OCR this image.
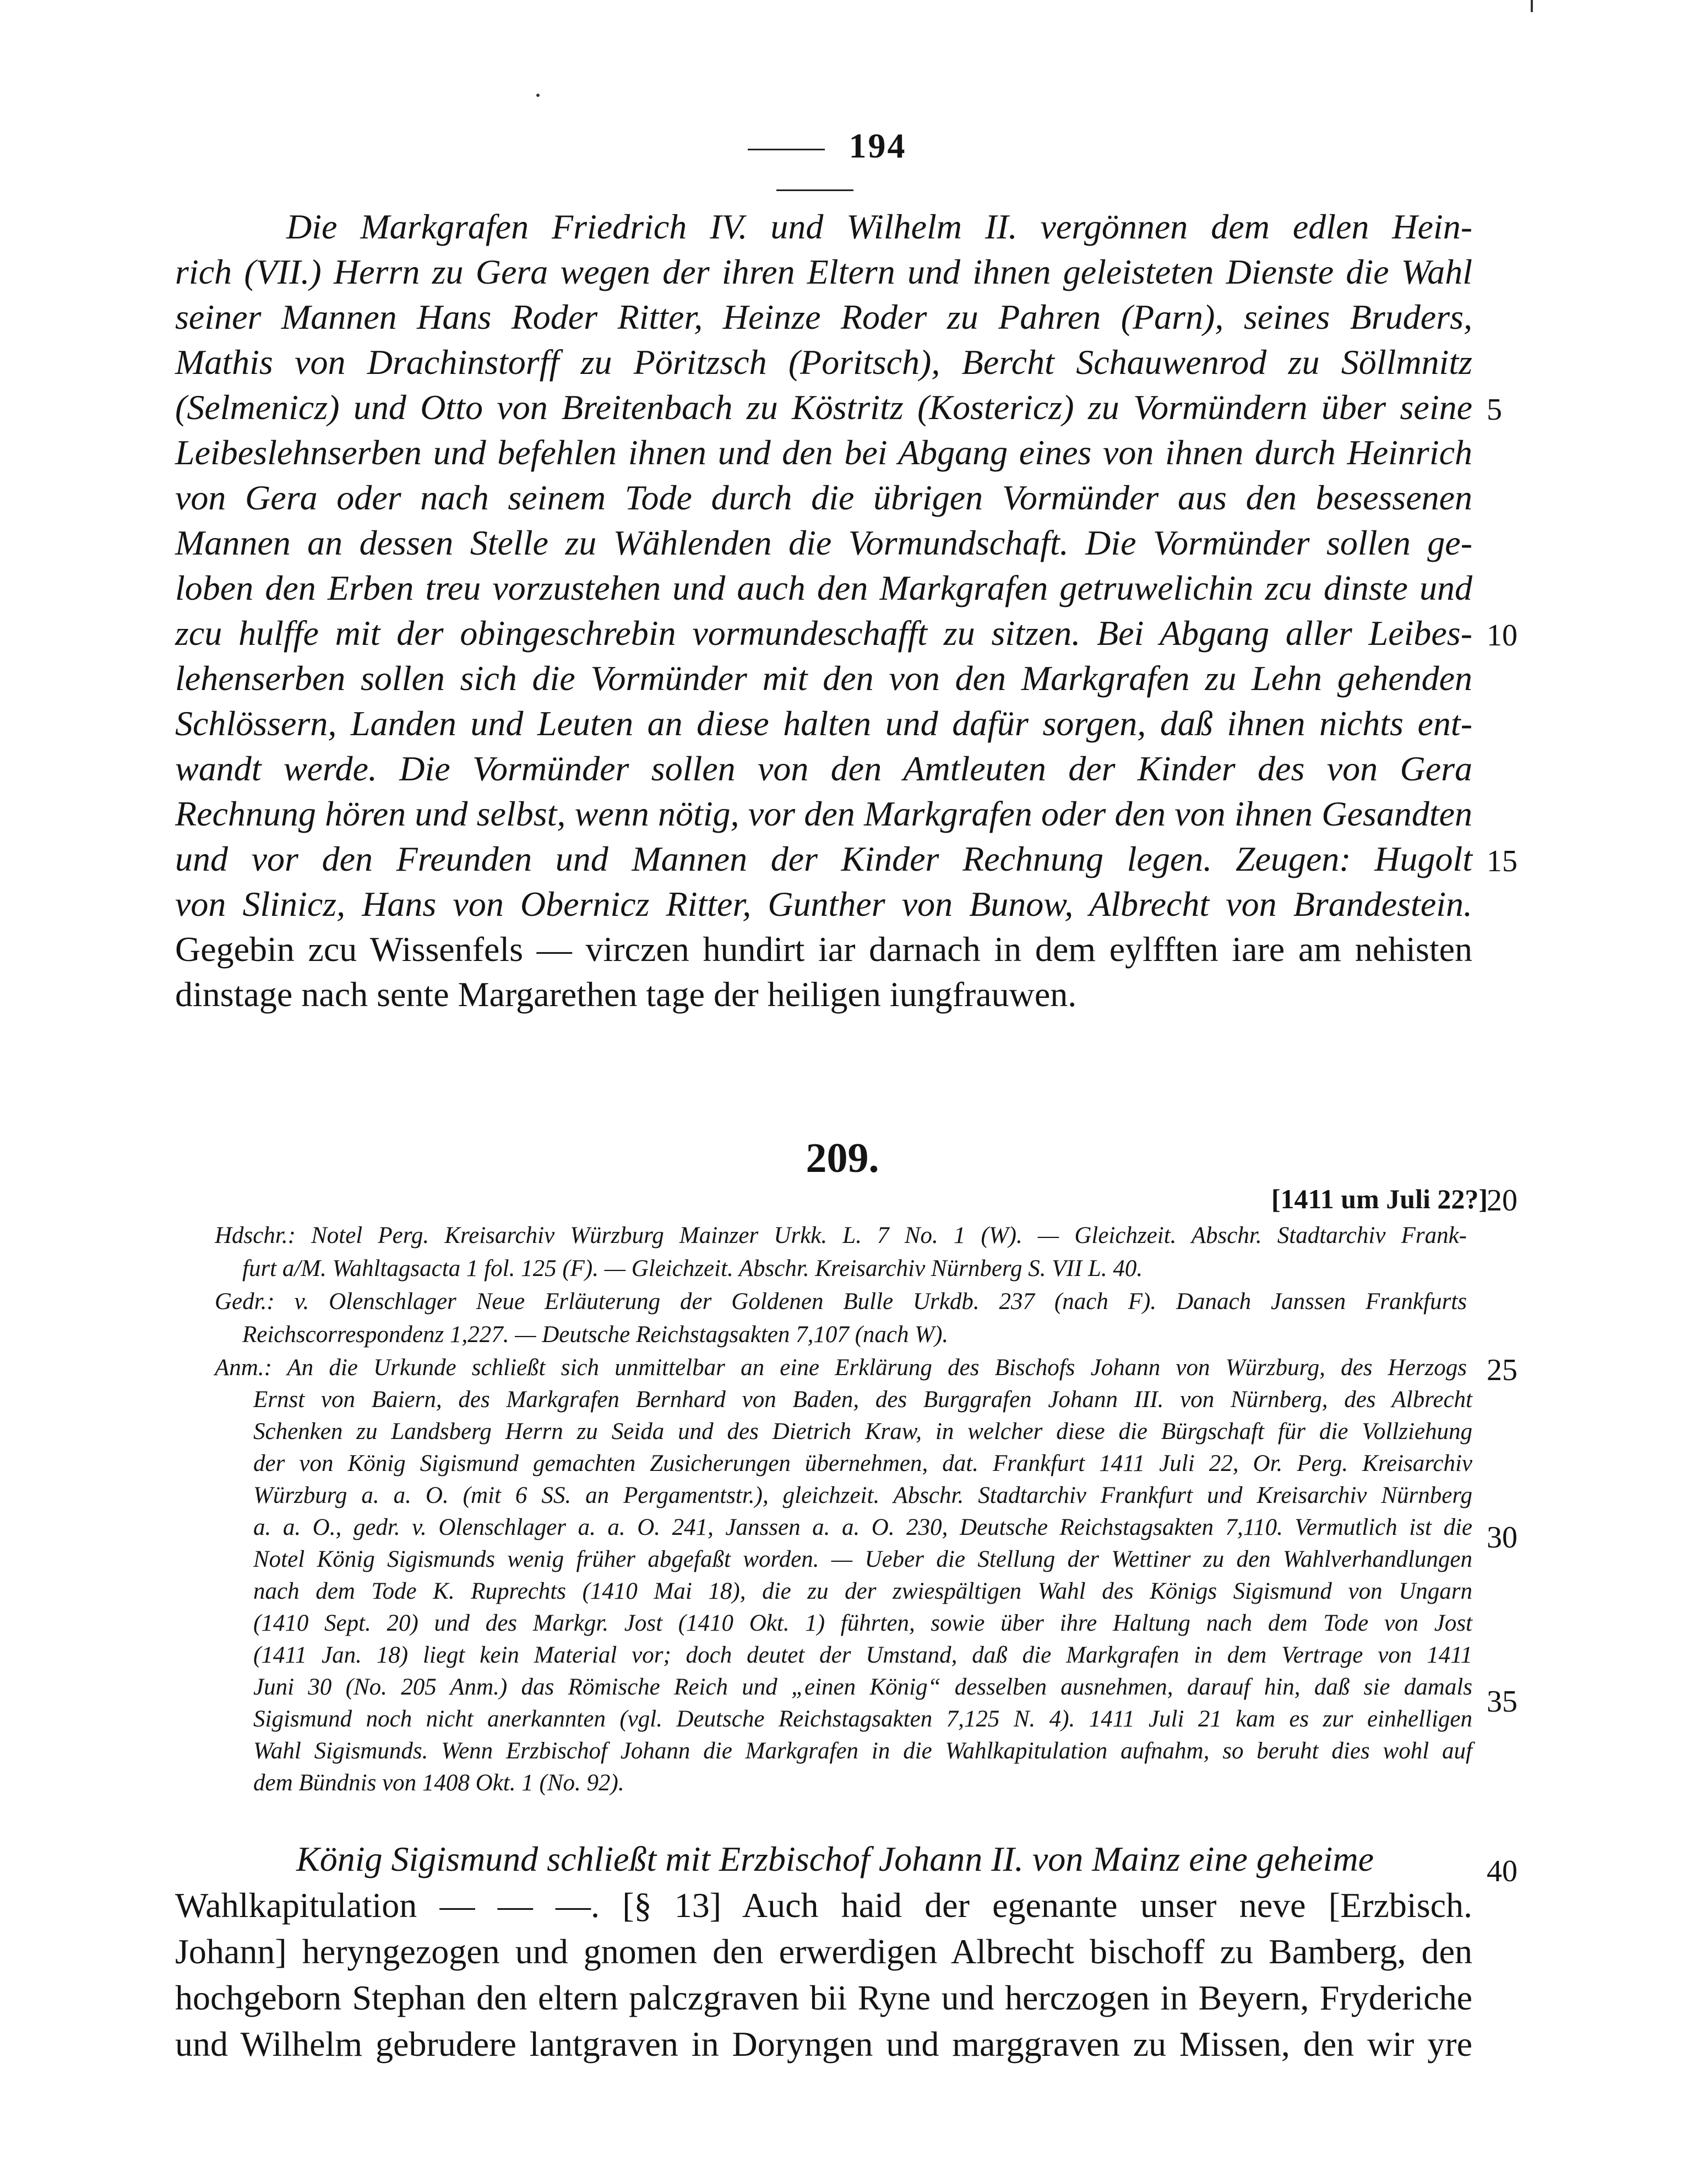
194
Die Markgrafen Friedrich IV. und Wilhelm II. vergönnen dem edlen Hein-
rich (VII.) Herrn zu Gera wegen der ihren Eltern und ihnen geleisteten Dienste die Wahl
seiner Mannen Hans Roder Ritter, Heinze Roder zu Pahren (Parn), seines Bruders,
Mathis von Drachinstorff zu Pöritzsch (Poritsch), Bercht Schauwenrod zu Söllmnitz
(Selmenicz) und Otto von Breitenbach zu Köstritz (Kostericz) zu Vormündern über seine
Leibeslehnserben und befehlen ihnen und den bei Abgang eines von ihnen durch Heinrich
von Gera oder nach seinem Tode durch die übrigen Vormünder aus den besessenen
Mannen an dessen Stelle zu Wählenden die Vormundschaft. Die Vormünder sollen ge-
loben den Erben treu vorzustehen und auch den Markgrafen getruwelichin zcu dinste und
zcu hulffe mit der obingeschrebin vormundeschafft zu sitzen. Bei Abgang aller Leibes-
lehenserben sollen sich die Vormünder mit den von den Markgrafen zu Lehn gehenden
Schlössern, Landen und Leuten an diese halten und dafür sorgen, daß ihnen nichts ent-
wandt werde. Die Vormünder sollen von den Amtleuten der Kinder des von Gera
Rechnung hören und selbst, wenn nötig, vor den Markgrafen oder den von ihnen Gesandten
und vor den Freunden und Mannen der Kinder Rechnung legen. Zeugen: Hugolt
von Slinicz, Hans von Obernicz Ritter, Gunther von Bunow, Albrecht von Brandestein.
Gegebin zcu Wissenfels — virczen hundirt iar darnach in dem eylfften iare am nehisten
dinstage nach sente Margarethen tage der heiligen iungfrauwen.
5
10
15
20
25
30
35
40
209.
[1411 um Juli 22?]
Hdschr.: Notel Perg. Kreisarchiv Würzburg Mainzer Urkk. L. 7 No. 1 (W). — Gleichzeit. Abschr. Stadtarchiv Frank-
furt a/M. Wahltagsacta 1 fol. 125 (F). — Gleichzeit. Abschr. Kreisarchiv Nürnberg S. VII L. 40.
Gedr.: v. Olenschlager Neue Erläuterung der Goldenen Bulle Urkdb. 237 (nach F). Danach Janssen Frankfurts
Reichscorrespondenz 1,227. — Deutsche Reichstagsakten 7,107 (nach W).
Anm.: An die Urkunde schließt sich unmittelbar an eine Erklärung des Bischofs Johann von Würzburg, des Herzogs
Ernst von Baiern, des Markgrafen Bernhard von Baden, des Burggrafen Johann III. von Nürnberg, des Albrecht
Schenken zu Landsberg Herrn zu Seida und des Dietrich Kraw, in welcher diese die Bürgschaft für die Vollziehung
der von König Sigismund gemachten Zusicherungen übernehmen, dat. Frankfurt 1411 Juli 22, Or. Perg. Kreisarchiv
Würzburg a. a. O. (mit 6 SS. an Pergamentstr.), gleichzeit. Abschr. Stadtarchiv Frankfurt und Kreisarchiv Nürnberg
a. a. O., gedr. v. Olenschlager a. a. O. 241, Janssen a. a. O. 230, Deutsche Reichstagsakten 7,110. Vermutlich ist die
Notel König Sigismunds wenig früher abgefaßt worden. — Ueber die Stellung der Wettiner zu den Wahlverhandlungen
nach dem Tode K. Ruprechts (1410 Mai 18), die zu der zwiespältigen Wahl des Königs Sigismund von Ungarn
(1410 Sept. 20) und des Markgr. Jost (1410 Okt. 1) führten, sowie über ihre Haltung nach dem Tode von Jost
(1411 Jan. 18) liegt kein Material vor; doch deutet der Umstand, daß die Markgrafen in dem Vertrage von 1411
Juni 30 (No. 205 Anm.) das Römische Reich und „einen König“ desselben ausnehmen, darauf hin, daß sie damals
Sigismund noch nicht anerkannten (vgl. Deutsche Reichstagsakten 7,125 N. 4). 1411 Juli 21 kam es zur einhelligen
Wahl Sigismunds. Wenn Erzbischof Johann die Markgrafen in die Wahlkapitulation aufnahm, so beruht dies wohl auf
dem Bündnis von 1408 Okt. 1 (No. 92).
König Sigismund schließt mit Erzbischof Johann II. von Mainz eine geheime
Wahlkapitulation — — —. [§ 13] Auch haid der egenante unser neve [Erzbisch.
Johann] heryngezogen und gnomen den erwerdigen Albrecht bischoff zu Bamberg, den
hochgeborn Stephan den eltern palczgraven bii Ryne und herczogen in Beyern, Fryderiche
und Wilhelm gebrudere lantgraven in Doryngen und marggraven zu Missen, den wir yre
